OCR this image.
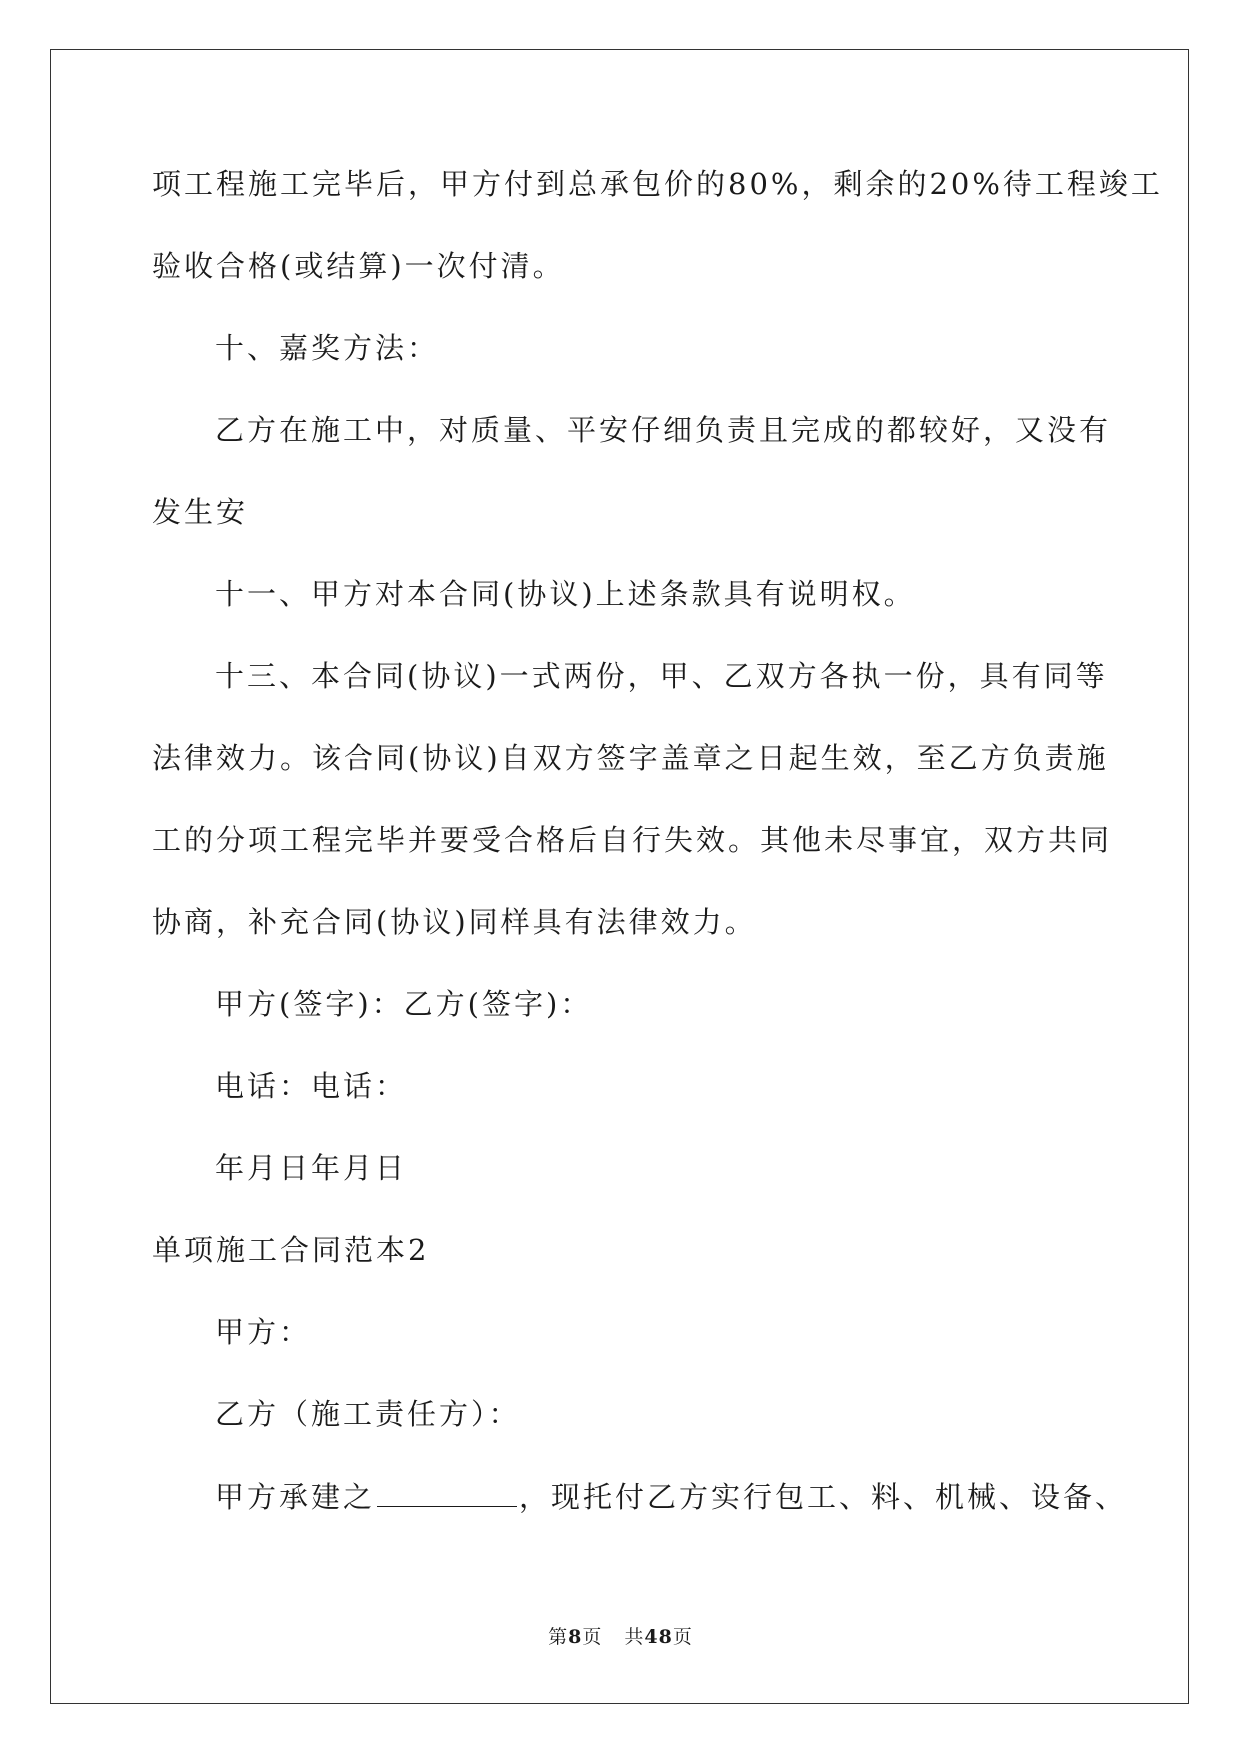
项工程施工完毕后，甲方付到总承包价的80%，剩余的20%待工程竣工
验收合格(或结算)一次付清。
十、嘉奖方法：
乙方在施工中，对质量、平安仔细负责且完成的都较好，又没有
发生安
十一、甲方对本合同(协议)上述条款具有说明权。
十三、本合同(协议)一式两份，甲、乙双方各执一份，具有同等
法律效力。该合同(协议)自双方签字盖章之日起生效，至乙方负责施
工的分项工程完毕并要受合格后自行失效。其他未尽事宜，双方共同
协商，补充合同(协议)同样具有法律效力。
甲方(签字)：乙方(签字)：
电话：电话：
年月日年月日
单项施工合同范本2
甲方：
乙方（施工责任方）：
甲方承建之	，现托付乙方实行包工、料、机械、设备、
第8页 共48页
